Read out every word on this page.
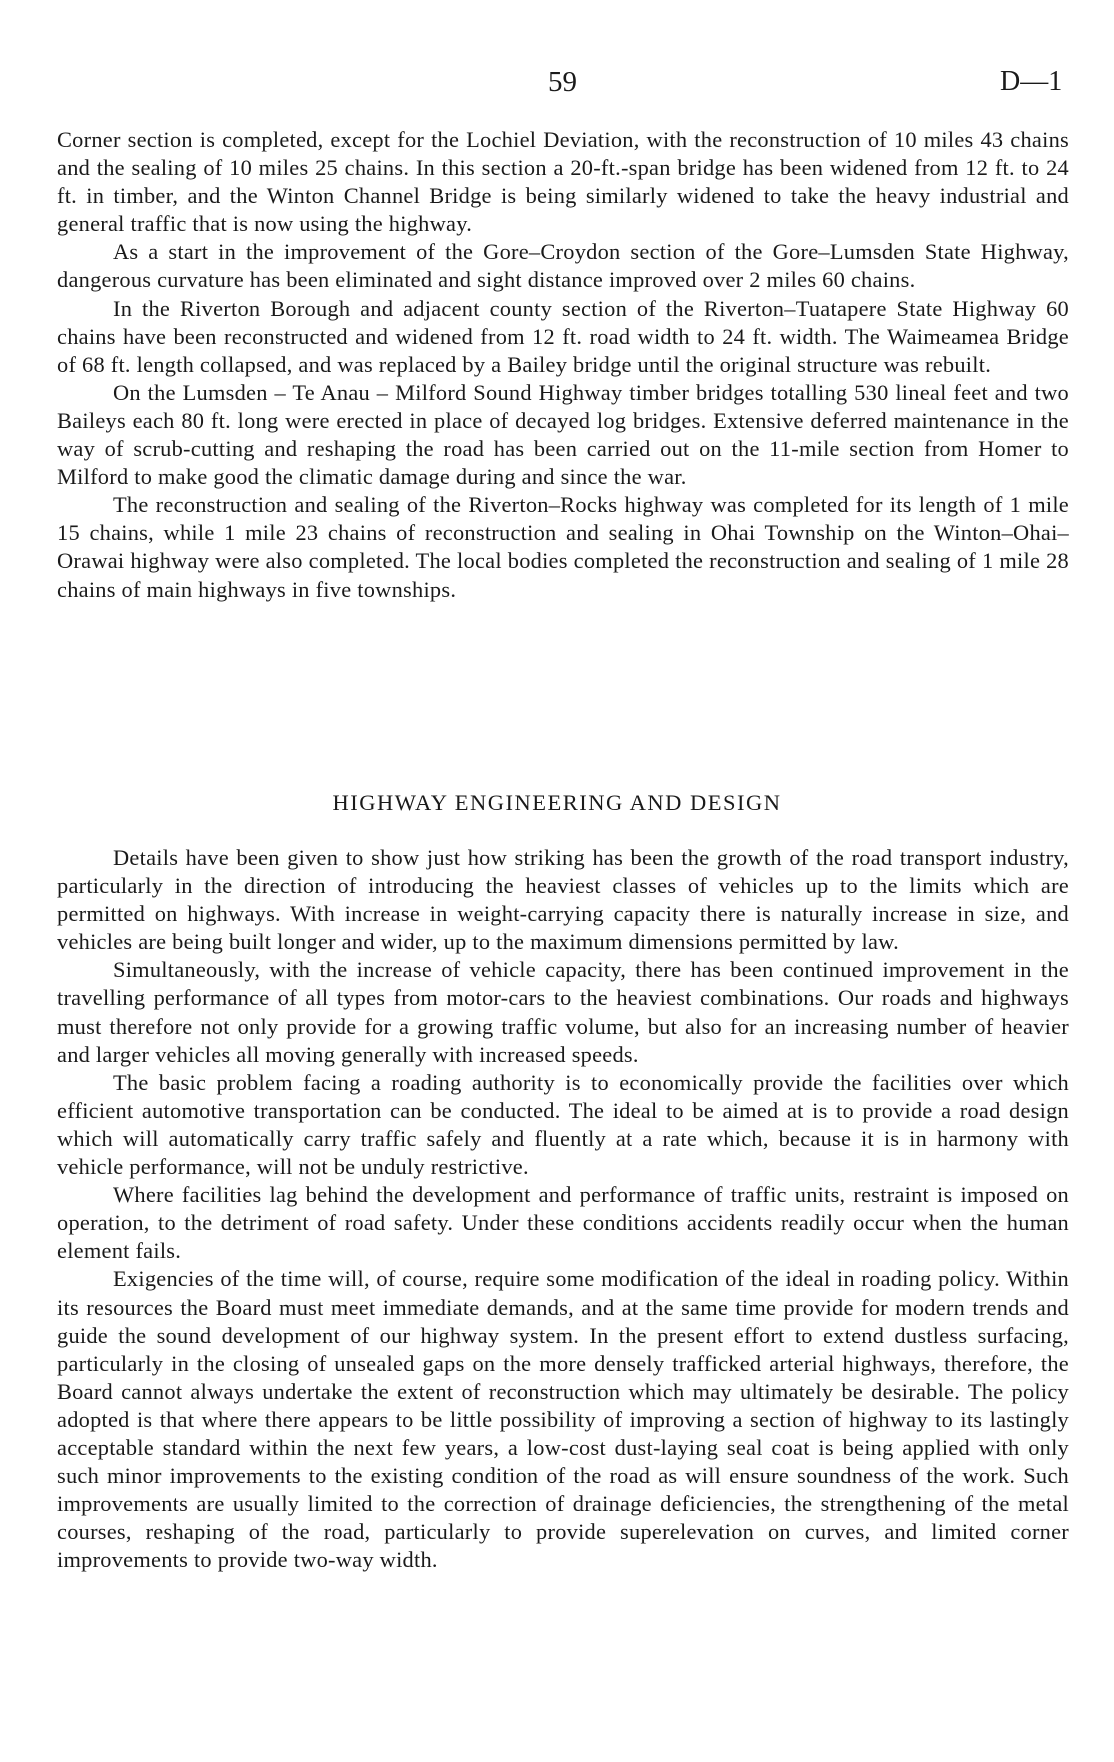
59	D—1

Corner section is completed, except for the Lochiel Deviation, with the reconstruction of 10 miles 43 chains and the sealing of 10 miles 25 chains. In this section a 20-ft.-span bridge has been widened from 12 ft. to 24 ft. in timber, and the Winton Channel Bridge is being similarly widened to take the heavy industrial and general traffic that is now using the highway.

As a start in the improvement of the Gore–Croydon section of the Gore–Lumsden State Highway, dangerous curvature has been eliminated and sight distance improved over 2 miles 60 chains.

In the Riverton Borough and adjacent county section of the Riverton–Tuatapere State Highway 60 chains have been reconstructed and widened from 12 ft. road width to 24 ft. width. The Waimeamea Bridge of 68 ft. length collapsed, and was replaced by a Bailey bridge until the original structure was rebuilt.

On the Lumsden – Te Anau – Milford Sound Highway timber bridges totalling 530 lineal feet and two Baileys each 80 ft. long were erected in place of decayed log bridges. Extensive deferred maintenance in the way of scrub-cutting and reshaping the road has been carried out on the 11-mile section from Homer to Milford to make good the climatic damage during and since the war.

The reconstruction and sealing of the Riverton–Rocks highway was completed for its length of 1 mile 15 chains, while 1 mile 23 chains of reconstruction and sealing in Ohai Township on the Winton–Ohai–Orawai highway were also completed. The local bodies completed the reconstruction and sealing of 1 mile 28 chains of main highways in five townships.

HIGHWAY ENGINEERING AND DESIGN

Details have been given to show just how striking has been the growth of the road transport industry, particularly in the direction of introducing the heaviest classes of vehicles up to the limits which are permitted on highways. With increase in weight-carrying capacity there is naturally increase in size, and vehicles are being built longer and wider, up to the maximum dimensions permitted by law.

Simultaneously, with the increase of vehicle capacity, there has been continued improvement in the travelling performance of all types from motor-cars to the heaviest combinations. Our roads and highways must therefore not only provide for a growing traffic volume, but also for an increasing number of heavier and larger vehicles all moving generally with increased speeds.

The basic problem facing a roading authority is to economically provide the facilities over which efficient automotive transportation can be conducted. The ideal to be aimed at is to provide a road design which will automatically carry traffic safely and fluently at a rate which, because it is in harmony with vehicle performance, will not be unduly restrictive.

Where facilities lag behind the development and performance of traffic units, restraint is imposed on operation, to the detriment of road safety. Under these conditions accidents readily occur when the human element fails.

Exigencies of the time will, of course, require some modification of the ideal in roading policy. Within its resources the Board must meet immediate demands, and at the same time provide for modern trends and guide the sound development of our highway system. In the present effort to extend dustless surfacing, particularly in the closing of unsealed gaps on the more densely trafficked arterial highways, therefore, the Board cannot always undertake the extent of reconstruction which may ultimately be desirable. The policy adopted is that where there appears to be little possibility of improving a section of highway to its lastingly acceptable standard within the next few years, a low-cost dust-laying seal coat is being applied with only such minor improvements to the existing condition of the road as will ensure soundness of the work. Such improvements are usually limited to the correction of drainage deficiencies, the strengthening of the metal courses, reshaping of the road, particularly to provide superelevation on curves, and limited corner improvements to provide two-way width.
